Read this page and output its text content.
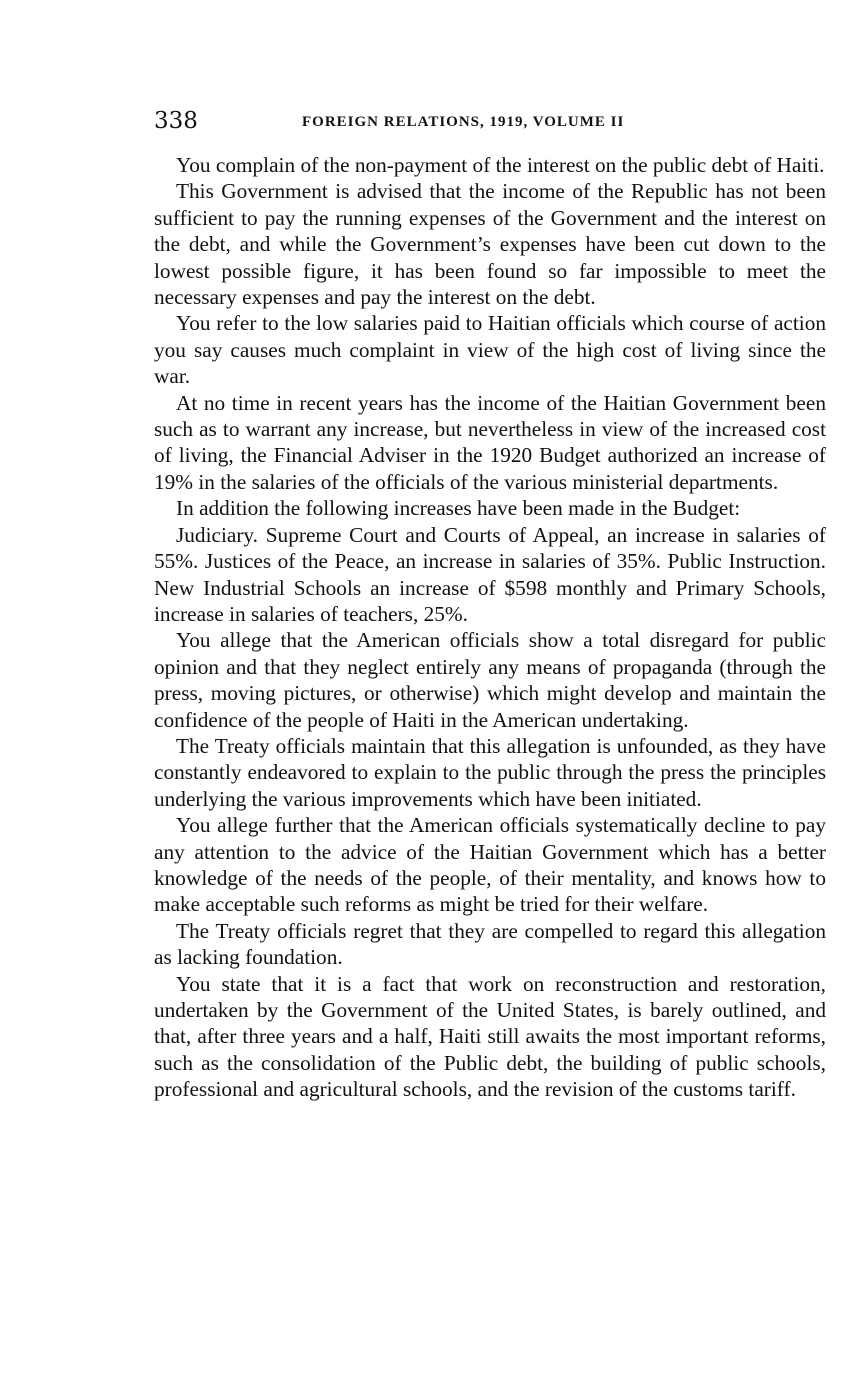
338	FOREIGN RELATIONS, 1919, VOLUME II

You complain of the non-payment of the interest on the public debt of Haiti.

This Government is advised that the income of the Republic has not been sufficient to pay the running expenses of the Government and the interest on the debt, and while the Government’s expenses have been cut down to the lowest possible figure, it has been found so far impossible to meet the necessary expenses and pay the interest on the debt.

You refer to the low salaries paid to Haitian officials which course of action you say causes much complaint in view of the high cost of living since the war.

At no time in recent years has the income of the Haitian Government been such as to warrant any increase, but nevertheless in view of the increased cost of living, the Financial Adviser in the 1920 Budget authorized an increase of 19% in the salaries of the officials of the various ministerial departments.

In addition the following increases have been made in the Budget:

Judiciary. Supreme Court and Courts of Appeal, an increase in salaries of 55%. Justices of the Peace, an increase in salaries of 35%. Public Instruction. New Industrial Schools an increase of $598 monthly and Primary Schools, increase in salaries of teachers, 25%.

You allege that the American officials show a total disregard for public opinion and that they neglect entirely any means of propaganda (through the press, moving pictures, or otherwise) which might develop and maintain the confidence of the people of Haiti in the American undertaking.

The Treaty officials maintain that this allegation is unfounded, as they have constantly endeavored to explain to the public through the press the principles underlying the various improvements which have been initiated.

You allege further that the American officials systematically decline to pay any attention to the advice of the Haitian Government which has a better knowledge of the needs of the people, of their mentality, and knows how to make acceptable such reforms as might be tried for their welfare.

The Treaty officials regret that they are compelled to regard this allegation as lacking foundation.

You state that it is a fact that work on reconstruction and restoration, undertaken by the Government of the United States, is barely outlined, and that, after three years and a half, Haiti still awaits the most important reforms, such as the consolidation of the Public debt, the building of public schools, professional and agricultural schools, and the revision of the customs tariff.
